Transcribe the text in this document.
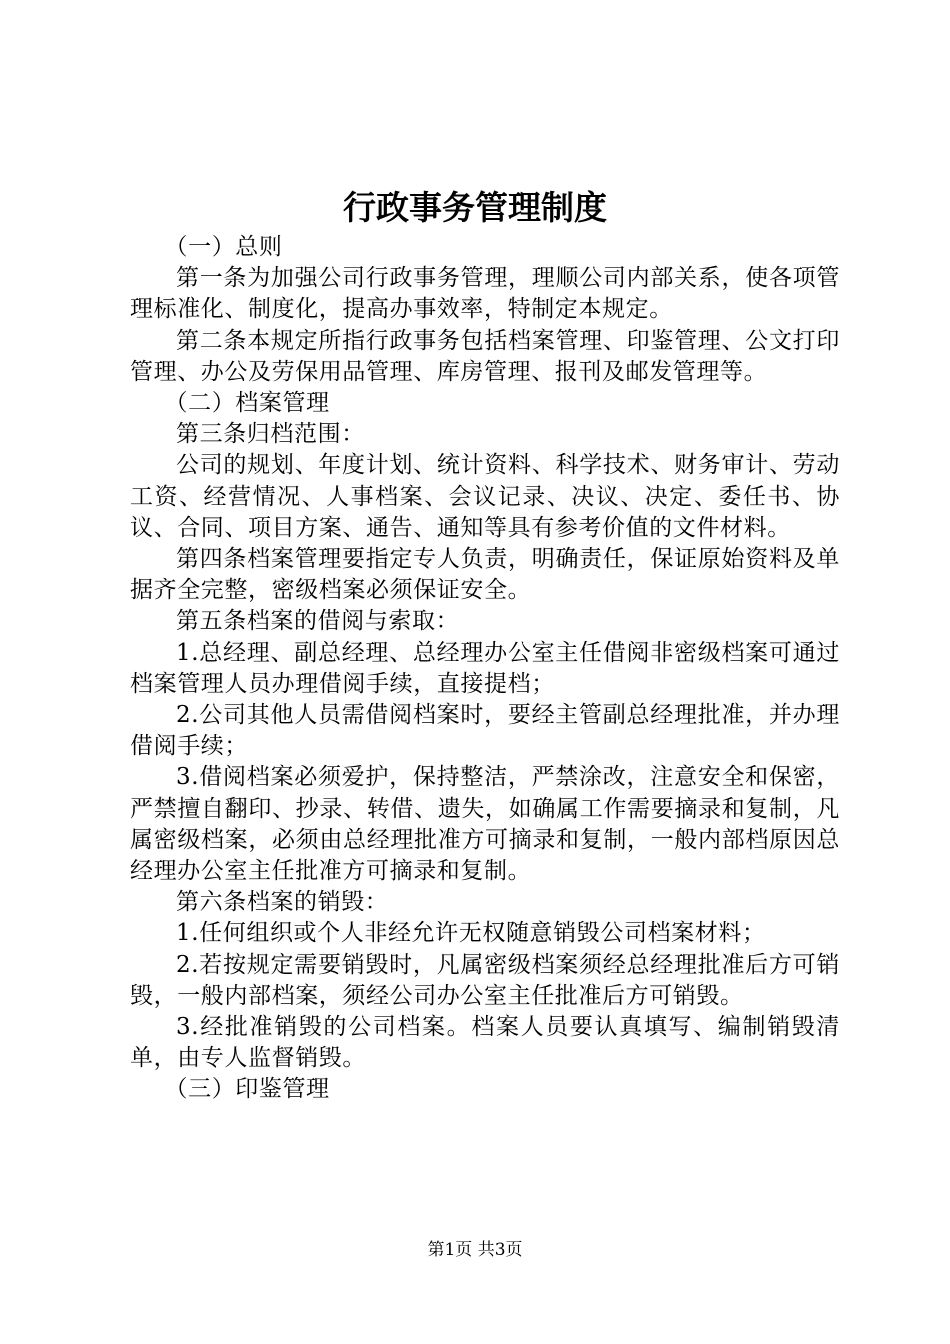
行政事务管理制度

（一）总则

第一条为加强公司行政事务管理，理顺公司内部关系，使各项管理标准化、制度化，提高办事效率，特制定本规定。

第二条本规定所指行政事务包括档案管理、印鉴管理、公文打印管理、办公及劳保用品管理、库房管理、报刊及邮发管理等。

（二）档案管理

第三条归档范围：

公司的规划、年度计划、统计资料、科学技术、财务审计、劳动工资、经营情况、人事档案、会议记录、决议、决定、委任书、协议、合同、项目方案、通告、通知等具有参考价值的文件材料。

第四条档案管理要指定专人负责，明确责任，保证原始资料及单据齐全完整，密级档案必须保证安全。

第五条档案的借阅与索取：

1.总经理、副总经理、总经理办公室主任借阅非密级档案可通过档案管理人员办理借阅手续，直接提档；

2.公司其他人员需借阅档案时，要经主管副总经理批准，并办理借阅手续；

3.借阅档案必须爱护，保持整洁，严禁涂改，注意安全和保密，严禁擅自翻印、抄录、转借、遗失，如确属工作需要摘录和复制，凡属密级档案，必须由总经理批准方可摘录和复制，一般内部档原因总经理办公室主任批准方可摘录和复制。

第六条档案的销毁：

1.任何组织或个人非经允许无权随意销毁公司档案材料；

2.若按规定需要销毁时，凡属密级档案须经总经理批准后方可销毁，一般内部档案，须经公司办公室主任批准后方可销毁。

3.经批准销毁的公司档案。档案人员要认真填写、编制销毁清单，由专人监督销毁。

（三）印鉴管理

第1页 共3页
